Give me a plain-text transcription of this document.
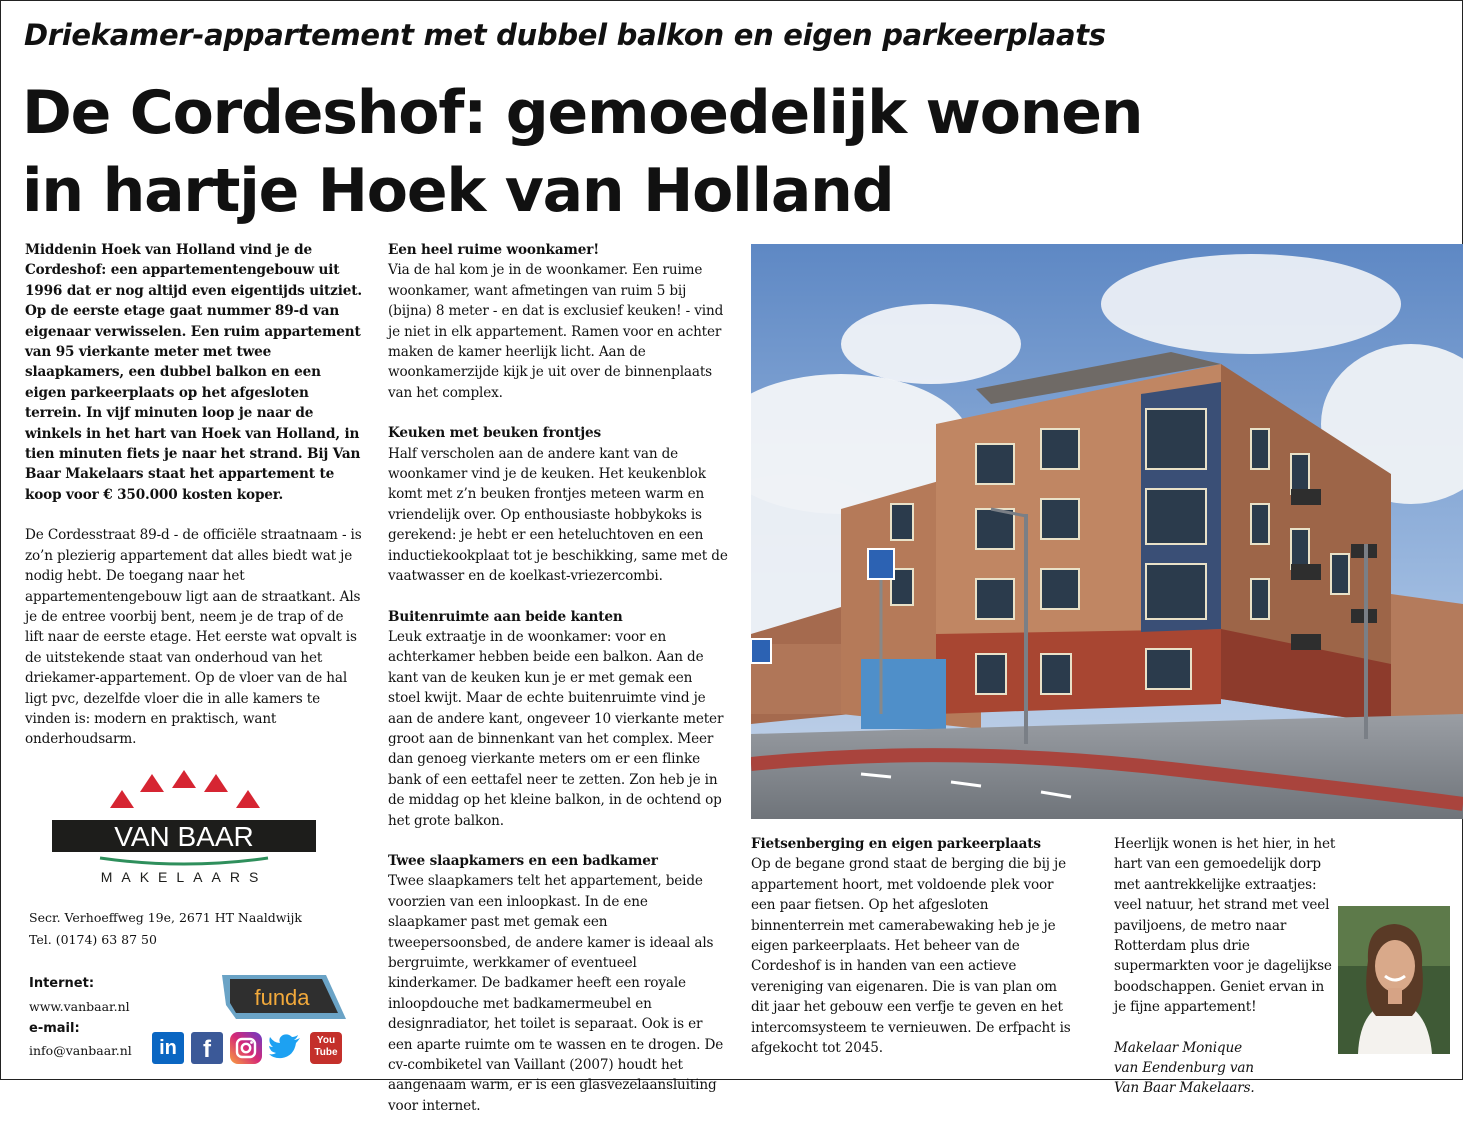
Driekamer-appartement met dubbel balkon en eigen parkeerplaats
De Cordeshof: gemoedelijk wonen
in hartje Hoek van Holland

Middenin Hoek van Holland vind je de Cordeshof: een appartementengebouw uit 1996 dat er nog altijd even eigentijds uitziet. Op de eerste etage gaat nummer 89-d van eigenaar verwisselen. Een ruim appartement van 95 vierkante meter met twee slaapkamers, een dubbel balkon en een eigen parkeerplaats op het afgesloten terrein. In vijf minuten loop je naar de winkels in het hart van Hoek van Holland, in tien minuten fiets je naar het strand. Bij Van Baar Makelaars staat het appartement te koop voor € 350.000 kosten koper.

De Cordesstraat 89-d - de officiële straatnaam - is zo’n plezierig appartement dat alles biedt wat je nodig hebt. De toegang naar het appartementengebouw ligt aan de straatkant. Als je de entree voorbij bent, neem je de trap of de lift naar de eerste etage. Het eerste wat opvalt is de uitstekende staat van onderhoud van het driekamer-appartement. Op de vloer van de hal ligt pvc, dezelfde vloer die in alle kamers te vinden is: modern en praktisch, want onderhoudsarm.

Een heel ruime woonkamer!

Via de hal kom je in de woonkamer. Een ruime woonkamer, want afmetingen van ruim 5 bij (bijna) 8 meter - en dat is exclusief keuken! - vind je niet in elk appartement. Ramen voor en achter maken de kamer heerlijk licht. Aan de woonkamerzijde kijk je uit over de binnenplaats van het complex.

Keuken met beuken frontjes

Half verscholen aan de andere kant van de woonkamer vind je de keuken. Het keukenblok komt met z’n beuken frontjes meteen warm en vriendelijk over. Op enthousiaste hobbykoks is gerekend: je hebt er een heteluchtoven en een inductiekookplaat tot je beschikking, same met de vaatwasser en de koelkast-vriezercombi.

Buitenruimte aan beide kanten

Leuk extraatje in de woonkamer: voor en achterkamer hebben beide een balkon. Aan de kant van de keuken kun je er met gemak een stoel kwijt. Maar de echte buitenruimte vind je aan de andere kant, ongeveer 10 vierkante meter groot aan de binnenkant van het complex. Meer dan genoeg vierkante meters om er een flinke bank of een eettafel neer te zetten. Zon heb je in de middag op het kleine balkon, in de ochtend op het grote balkon.

Twee slaapkamers en een badkamer

Twee slaapkamers telt het appartement, beide voorzien van een inloopkast. In de ene slaapkamer past met gemak een tweepersoonsbed, de andere kamer is ideaal als bergruimte, werkkamer of eventueel kinderkamer. De badkamer heeft een royale inloopdouche met badkamermeubel en designradiator, het toilet is separaat. Ook is er een aparte ruimte om te wassen en te drogen. De cv-combiketel van Vaillant (2007) houdt het aangenaam warm, er is een glasvezelaansluiting voor internet.

Fietsenberging en eigen parkeerplaats

Op de begane grond staat de berging die bij je appartement hoort, met voldoende plek voor een paar fietsen. Op het afgesloten binnenterrein met camerabewaking heb je je eigen parkeerplaats. Het beheer van de Cordeshof is in handen van een actieve vereniging van eigenaren. Die is van plan om dit jaar het gebouw een verfje te geven en het intercomsysteem te vernieuwen. De erfpacht is afgekocht tot 2045.

Heerlijk wonen is het hier, in het hart van een gemoedelijk dorp met aantrekkelijke extraatjes: veel natuur, het strand met veel paviljoens, de metro naar Rotterdam plus drie supermarkten voor je dagelijkse boodschappen. Geniet ervan in je fijne appartement!

Makelaar Monique
van Eendenburg van
Van Baar Makelaars.
VAN BAAR
MAKELAARS
Secr. Verhoeffweg 19e, 2671 HT Naaldwijk
Tel. (0174) 63 87 50
Internet:
www.vanbaar.nl
e-mail:
info@vanbaar.nl
funda
in	f	You Tube
